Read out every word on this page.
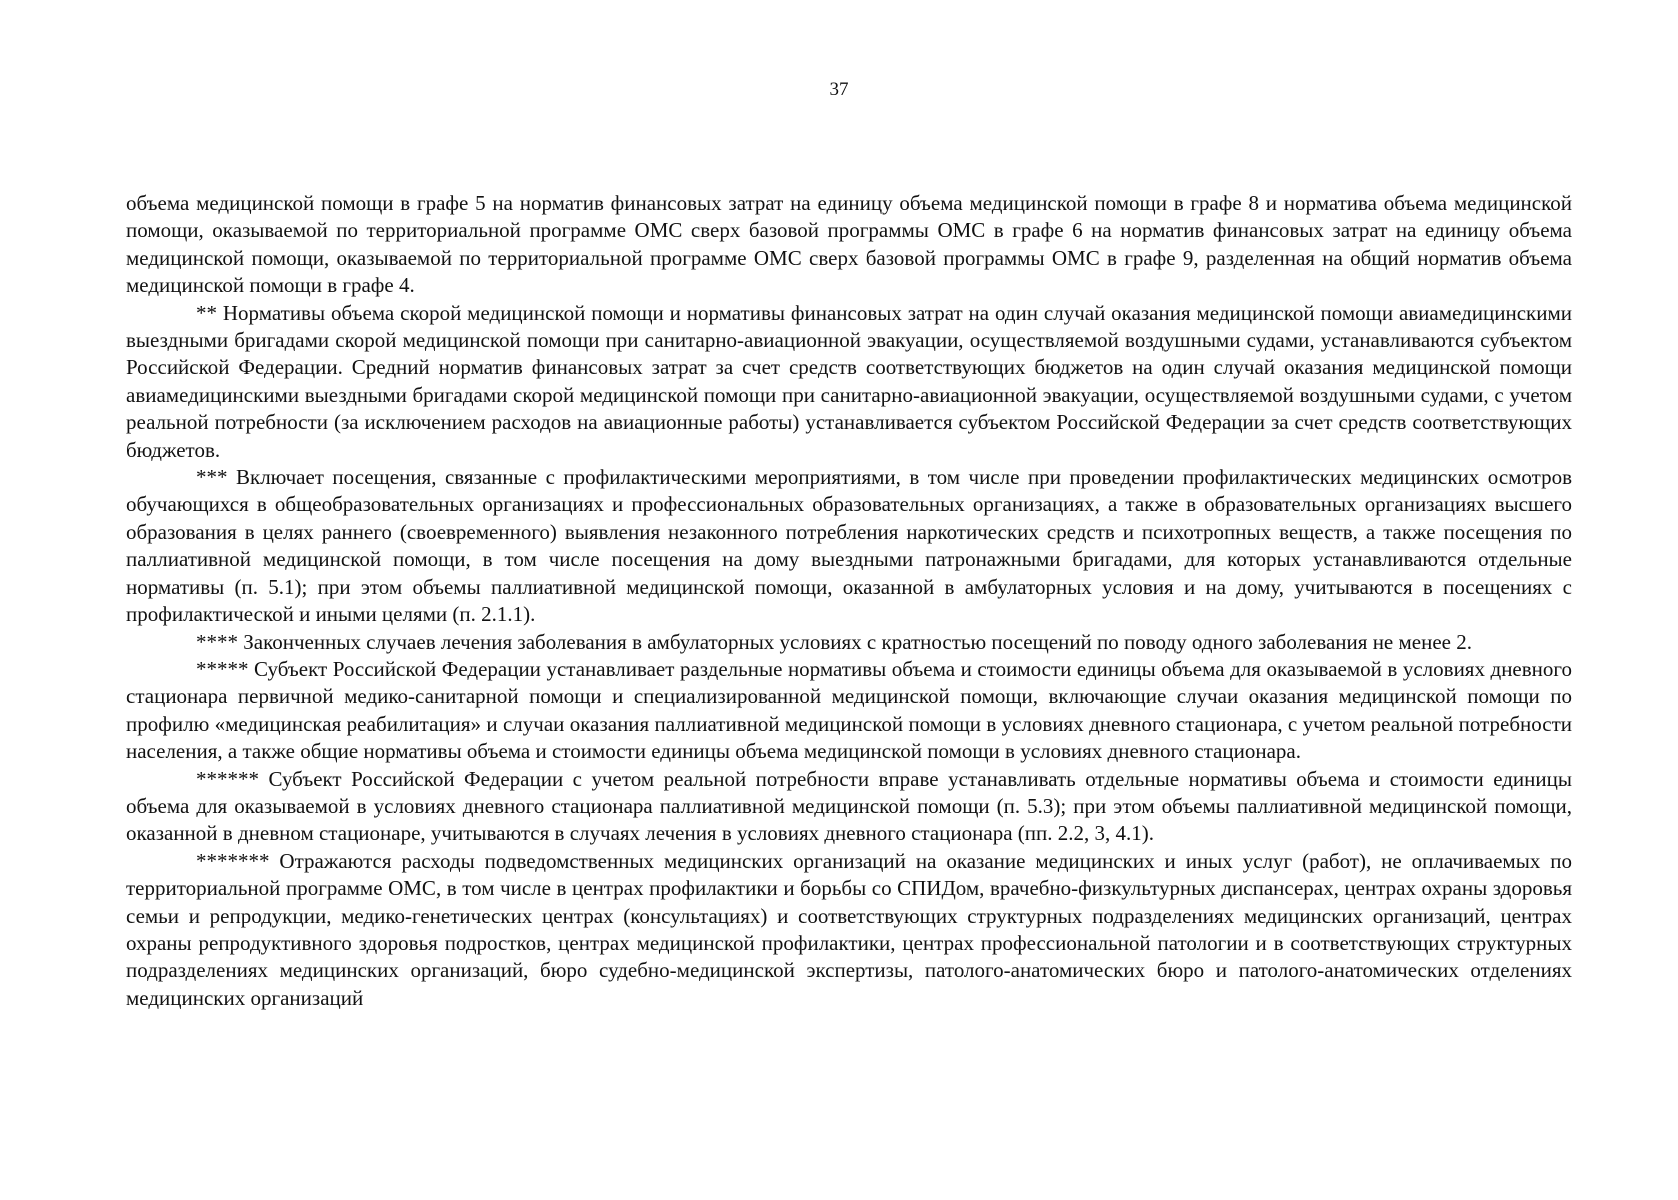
37

объема медицинской помощи в графе 5 на норматив финансовых затрат на единицу объема медицинской помощи в графе 8 и норматива объема медицинской помощи, оказываемой по территориальной программе ОМС сверх базовой программы ОМС в графе 6 на норматив финансовых затрат на единицу объема медицинской помощи, оказываемой по территориальной программе ОМС сверх базовой программы ОМС в графе 9, разделенная на общий норматив объема медицинской помощи в графе 4.

** Нормативы объема скорой медицинской помощи и нормативы финансовых затрат на один случай оказания медицинской помощи авиамедицинскими выездными бригадами скорой медицинской помощи при санитарно-авиационной эвакуации, осуществляемой воздушными судами, устанавливаются субъектом Российской Федерации. Средний норматив финансовых затрат за счет средств соответствующих бюджетов на один случай оказания медицинской помощи авиамедицинскими выездными бригадами скорой медицинской помощи при санитарно-авиационной эвакуации, осуществляемой воздушными судами, с учетом реальной потребности (за исключением расходов на авиационные работы) устанавливается субъектом Российской Федерации за счет средств соответствующих бюджетов.

*** Включает посещения, связанные с профилактическими мероприятиями, в том числе при проведении профилактических медицинских осмотров обучающихся в общеобразовательных организациях и профессиональных образовательных организациях, а также в образовательных организациях высшего образования в целях раннего (своевременного) выявления незаконного потребления наркотических средств и психотропных веществ, а также посещения по паллиативной медицинской помощи, в том числе посещения на дому выездными патронажными бригадами, для которых устанавливаются отдельные нормативы (п. 5.1); при этом объемы паллиативной медицинской помощи, оказанной в амбулаторных условия и на дому, учитываются в посещениях с профилактической и иными целями (п. 2.1.1).

**** Законченных случаев лечения заболевания в амбулаторных условиях с кратностью посещений по поводу одного заболевания не менее 2.

***** Субъект Российской Федерации устанавливает раздельные нормативы объема и стоимости единицы объема для оказываемой в условиях дневного стационара первичной медико-санитарной помощи и специализированной медицинской помощи, включающие случаи оказания медицинской помощи по профилю «медицинская реабилитация» и случаи оказания паллиативной медицинской помощи в условиях дневного стационара, с учетом реальной потребности населения, а также общие нормативы объема и стоимости единицы объема медицинской помощи в условиях дневного стационара.

****** Субъект Российской Федерации с учетом реальной потребности вправе устанавливать отдельные нормативы объема и стоимости единицы объема для оказываемой в условиях дневного стационара паллиативной медицинской помощи (п. 5.3); при этом объемы паллиативной медицинской помощи, оказанной в дневном стационаре, учитываются в случаях лечения в условиях дневного стационара (пп. 2.2, 3, 4.1).

******* Отражаются расходы подведомственных медицинских организаций на оказание медицинских и иных услуг (работ), не оплачиваемых по территориальной программе ОМС, в том числе в центрах профилактики и борьбы со СПИДом, врачебно-физкультурных диспансерах, центрах охраны здоровья семьи и репродукции, медико-генетических центрах (консультациях) и соответствующих структурных подразделениях медицинских организаций, центрах охраны репродуктивного здоровья подростков, центрах медицинской профилактики, центрах профессиональной патологии и в соответствующих структурных подразделениях медицинских организаций, бюро судебно-медицинской экспертизы, патолого-анатомических бюро и патолого-анатомических отделениях медицинских организаций
